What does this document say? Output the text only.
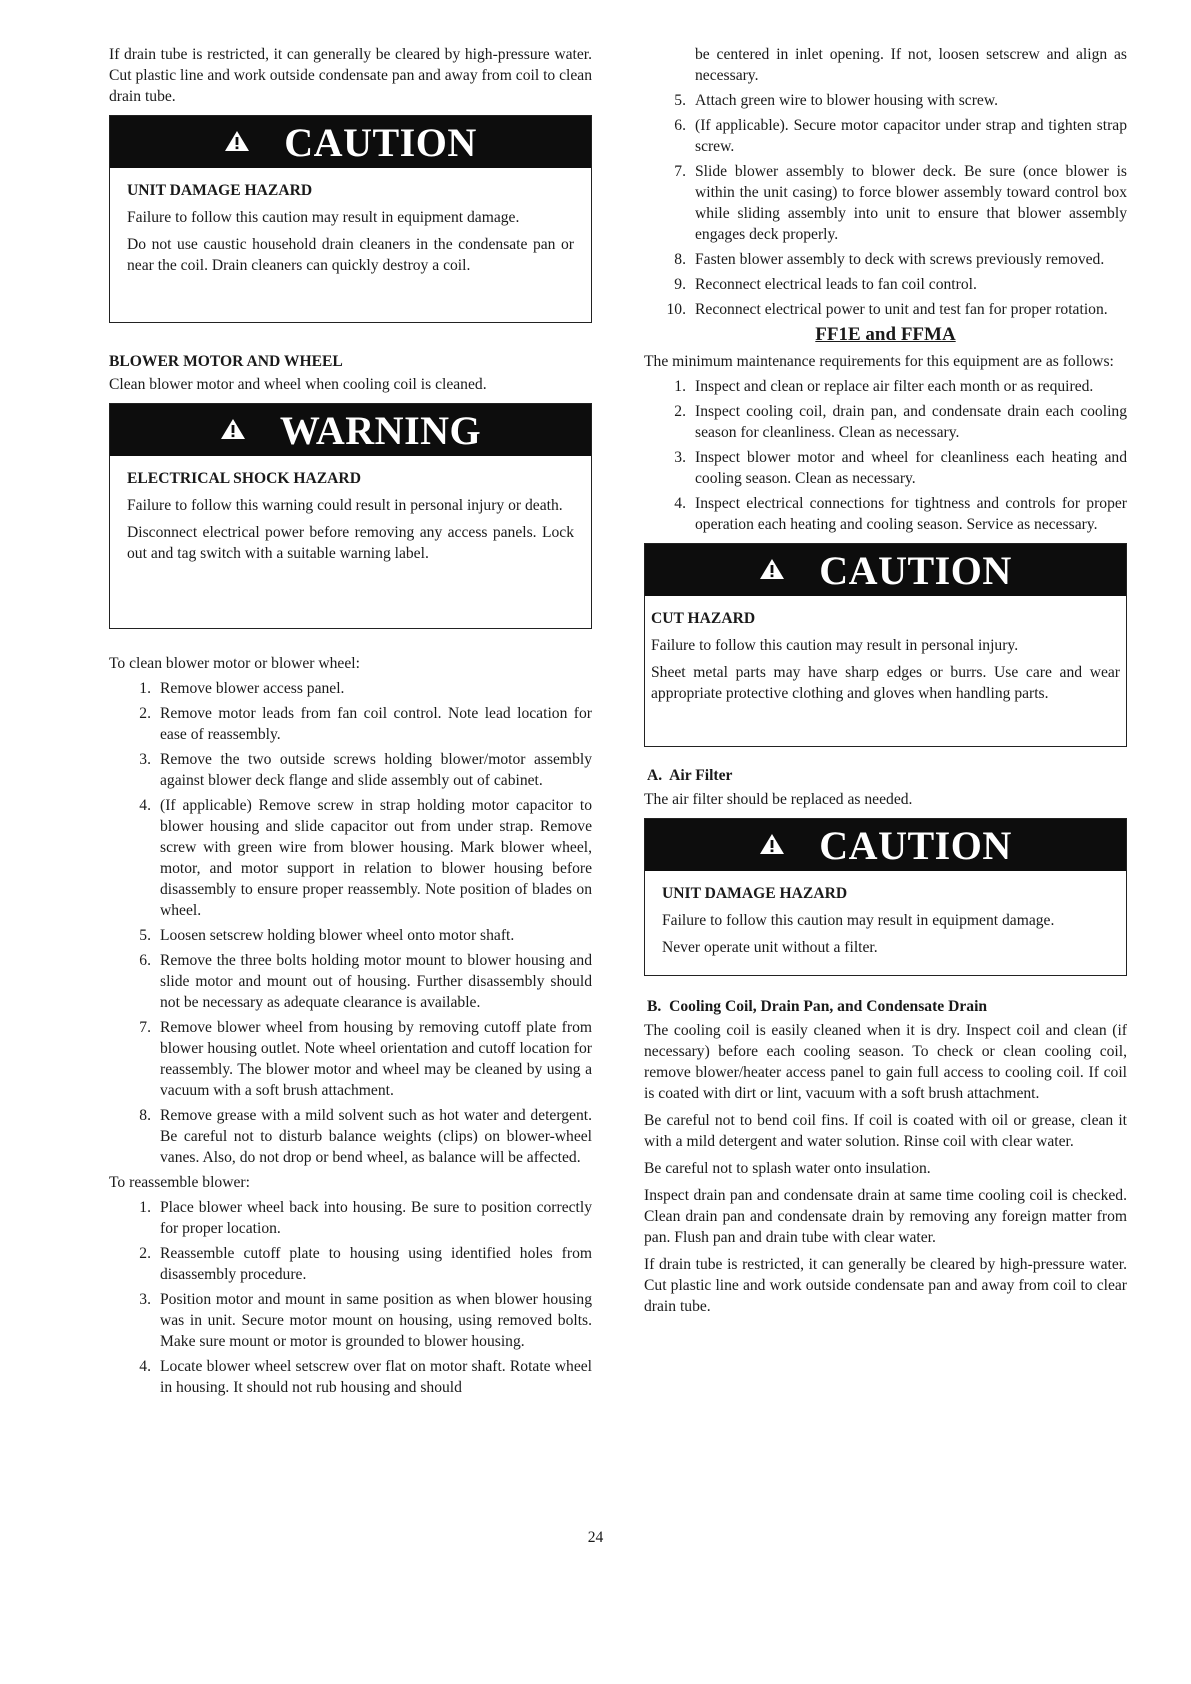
If drain tube is restricted, it can generally be cleared by high-pressure water. Cut plastic line and work outside condensate pan and away from coil to clean drain tube.

CAUTION
UNIT DAMAGE HAZARD

Failure to follow this caution may result in equipment damage.

Do not use caustic household drain cleaners in the condensate pan or near the coil. Drain cleaners can quickly destroy a coil.

BLOWER MOTOR AND WHEEL

Clean blower motor and wheel when cooling coil is cleaned.

WARNING
ELECTRICAL SHOCK HAZARD

Failure to follow this warning could result in personal injury or death.

Disconnect electrical power before removing any access panels. Lock out and tag switch with a suitable warning label.

To clean blower motor or blower wheel:

1. Remove blower access panel.
2. Remove motor leads from fan coil control. Note lead location for ease of reassembly.
3. Remove the two outside screws holding blower/motor assembly against blower deck flange and slide assembly out of cabinet.
4. (If applicable) Remove screw in strap holding motor capacitor to blower housing and slide capacitor out from under strap. Remove screw with green wire from blower housing. Mark blower wheel, motor, and motor support in relation to blower housing before disassembly to ensure proper reassembly. Note position of blades on wheel.
5. Loosen setscrew holding blower wheel onto motor shaft.
6. Remove the three bolts holding motor mount to blower housing and slide motor and mount out of housing. Further disassembly should not be necessary as adequate clearance is available.
7. Remove blower wheel from housing by removing cutoff plate from blower housing outlet. Note wheel orientation and cutoff location for reassembly. The blower motor and wheel may be cleaned by using a vacuum with a soft brush attachment.
8. Remove grease with a mild solvent such as hot water and detergent. Be careful not to disturb balance weights (clips) on blower-wheel vanes. Also, do not drop or bend wheel, as balance will be affected.

To reassemble blower:

1. Place blower wheel back into housing. Be sure to position correctly for proper location.
2. Reassemble cutoff plate to housing using identified holes from disassembly procedure.
3. Position motor and mount in same position as when blower housing was in unit. Secure motor mount on housing, using removed bolts. Make sure mount or motor is grounded to blower housing.
4. Locate blower wheel setscrew over flat on motor shaft. Rotate wheel in housing. It should not rub housing and should
be centered in inlet opening. If not, loosen setscrew and align as necessary.
5. Attach green wire to blower housing with screw.
6. (If applicable). Secure motor capacitor under strap and tighten strap screw.
7. Slide blower assembly to blower deck. Be sure (once blower is within the unit casing) to force blower assembly toward control box while sliding assembly into unit to ensure that blower assembly engages deck properly.
8. Fasten blower assembly to deck with screws previously removed.
9. Reconnect electrical leads to fan coil control.
10. Reconnect electrical power to unit and test fan for proper rotation.
FF1E and FFMA

The minimum maintenance requirements for this equipment are as follows:

1. Inspect and clean or replace air filter each month or as required.
2. Inspect cooling coil, drain pan, and condensate drain each cooling season for cleanliness. Clean as necessary.
3. Inspect blower motor and wheel for cleanliness each heating and cooling season. Clean as necessary.
4. Inspect electrical connections for tightness and controls for proper operation each heating and cooling season. Service as necessary.
CAUTION
CUT HAZARD

Failure to follow this caution may result in personal injury.

Sheet metal parts may have sharp edges or burrs. Use care and wear appropriate protective clothing and gloves when handling parts.

A.  Air Filter

The air filter should be replaced as needed.

CAUTION
UNIT DAMAGE HAZARD

Failure to follow this caution may result in equipment damage.

Never operate unit without a filter.

B.  Cooling Coil, Drain Pan, and Condensate Drain

The cooling coil is easily cleaned when it is dry. Inspect coil and clean (if necessary) before each cooling season. To check or clean cooling coil, remove blower/heater access panel to gain full access to cooling coil. If coil is coated with dirt or lint, vacuum with a soft brush attachment.

Be careful not to bend coil fins. If coil is coated with oil or grease, clean it with a mild detergent and water solution. Rinse coil with clear water.

Be careful not to splash water onto insulation.

Inspect drain pan and condensate drain at same time cooling coil is checked. Clean drain pan and condensate drain by removing any foreign matter from pan. Flush pan and drain tube with clear water.

If drain tube is restricted, it can generally be cleared by high-pressure water. Cut plastic line and work outside condensate pan and away from coil to clear drain tube.

24
